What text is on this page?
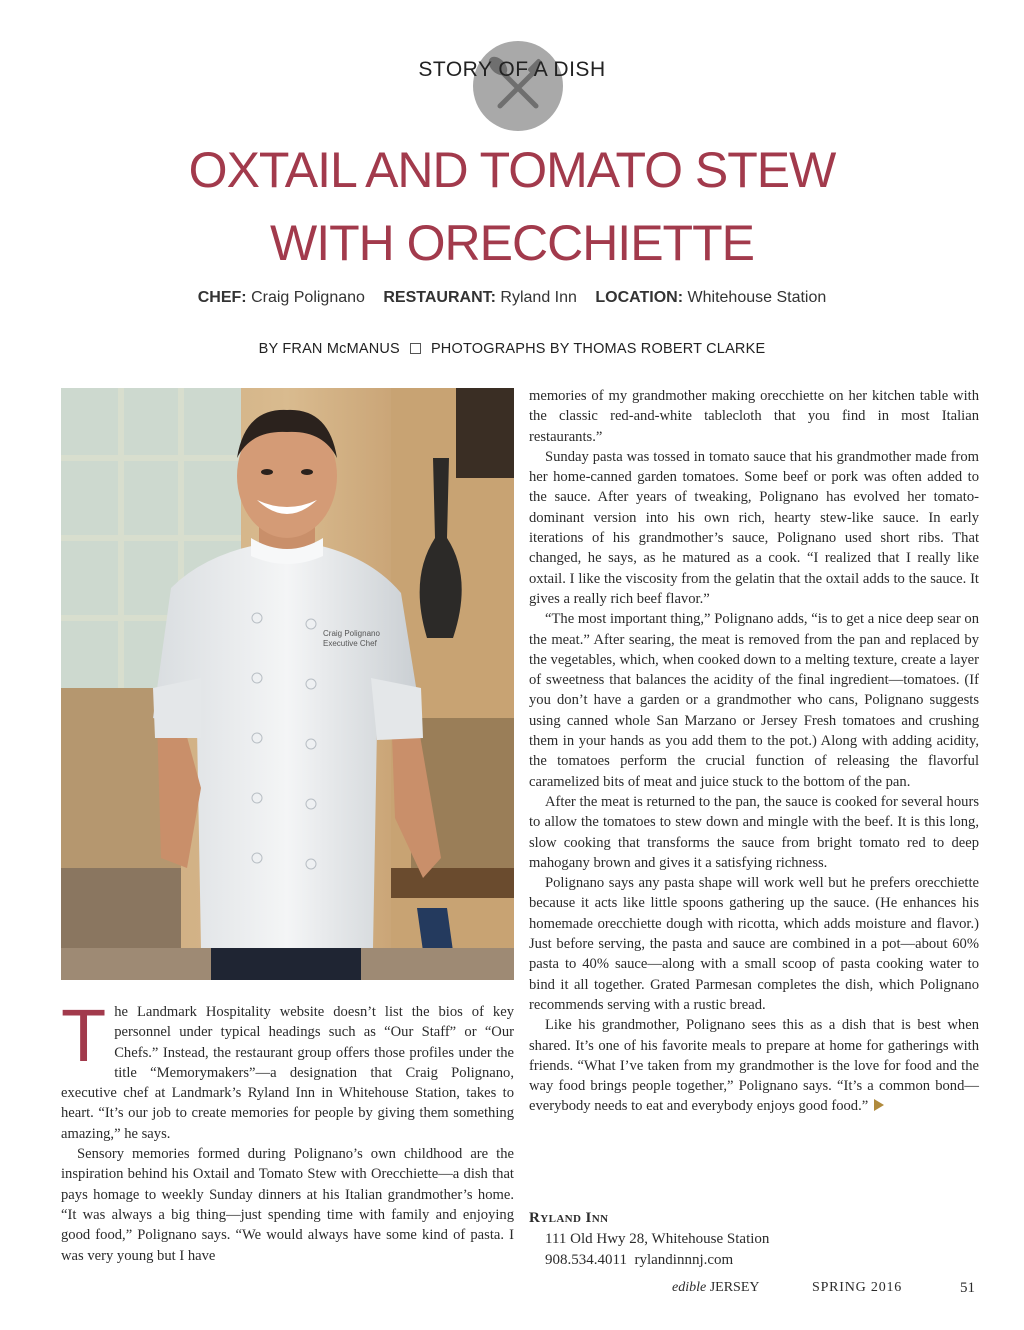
STORY OF A DISH
OXTAIL AND TOMATO STEW
WITH ORECCHIETTE
CHEF: Craig Polignano RESTAURANT: Ryland Inn LOCATION: Whitehouse Station
BY FRAN McMANUS PHOTOGRAPHS BY THOMAS ROBERT CLARKE
Craig Polignano
Executive Chef

The Landmark Hospitality website doesn’t list the bios of key personnel under typical headings such as “Our Staff” or “Our Chefs.” Instead, the restaurant group offers those profiles under the title “Memorymakers”—a designation that Craig Polignano, executive chef at Landmark’s Ryland Inn in Whitehouse Station, takes to heart. “It’s our job to create memories for people by giving them something amazing,” he says.

Sensory memories formed during Polignano’s own childhood are the inspiration behind his Oxtail and Tomato Stew with Orecchiette—a dish that pays homage to weekly Sunday dinners at his Italian grandmother’s home. “It was always a big thing—just spending time with family and enjoying good food,” Polignano says. “We would always have some kind of pasta. I was very young but I have

memories of my grandmother making orecchiette on her kitchen table with the classic red-and-white tablecloth that you find in most Italian restaurants.”

Sunday pasta was tossed in tomato sauce that his grandmother made from her home-canned garden tomatoes. Some beef or pork was often added to the sauce. After years of tweaking, Polignano has evolved her tomato-dominant version into his own rich, hearty stew-like sauce. In early iterations of his grandmother’s sauce, Polignano used short ribs. That changed, he says, as he matured as a cook. “I realized that I really like oxtail. I like the viscosity from the gelatin that the oxtail adds to the sauce. It gives a really rich beef flavor.”

“The most important thing,” Polignano adds, “is to get a nice deep sear on the meat.” After searing, the meat is removed from the pan and replaced by the vegetables, which, when cooked down to a melting texture, create a layer of sweetness that balances the acidity of the final ingredient—tomatoes. (If you don’t have a garden or a grandmother who cans, Polignano suggests using canned whole San Marzano or Jersey Fresh tomatoes and crushing them in your hands as you add them to the pot.) Along with adding acidity, the tomatoes perform the crucial function of releasing the flavorful caramelized bits of meat and juice stuck to the bottom of the pan.

After the meat is returned to the pan, the sauce is cooked for several hours to allow the tomatoes to stew down and mingle with the beef. It is this long, slow cooking that transforms the sauce from bright tomato red to deep mahogany brown and gives it a satisfying richness.

Polignano says any pasta shape will work well but he prefers orecchiette because it acts like little spoons gathering up the sauce. (He enhances his homemade orecchiette dough with ricotta, which adds moisture and flavor.) Just before serving, the pasta and sauce are combined in a pot—about 60% pasta to 40% sauce—along with a small scoop of pasta cooking water to bind it all together. Grated Parmesan completes the dish, which Polignano recommends serving with a rustic bread.

Like his grandmother, Polignano sees this as a dish that is best when shared. It’s one of his favorite meals to prepare at home for gatherings with friends. “What I’ve taken from my grandmother is the love for food and the way food brings people together,” Polignano says. “It’s a common bond—everybody needs to eat and everybody enjoys good food.”

Ryland Inn
111 Old Hwy 28, Whitehouse Station
908.534.4011 rylandinnnj.com
edible JERSEY	SPRING 2016	51
